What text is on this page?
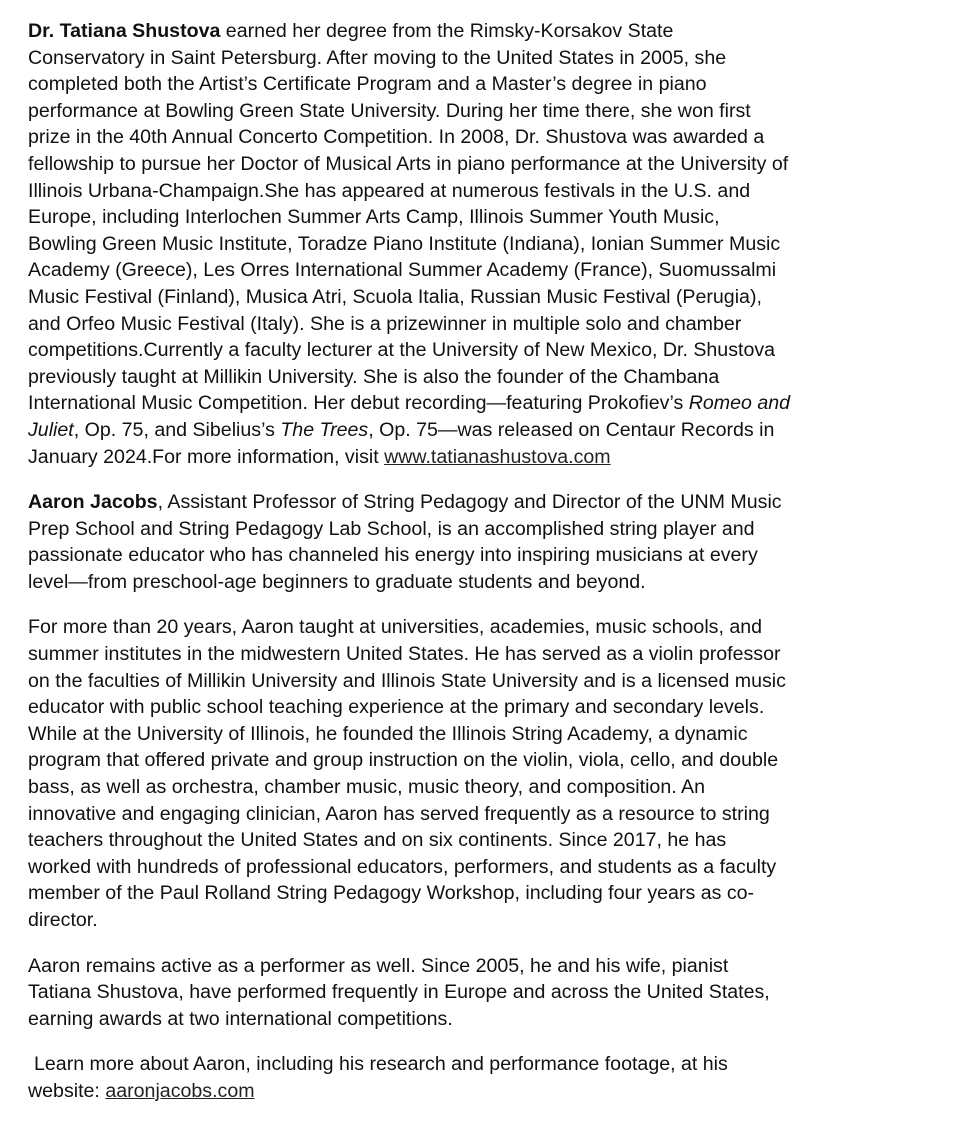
Dr. Tatiana Shustova earned her degree from the Rimsky-Korsakov State
Conservatory in Saint Petersburg. After moving to the United States in 2005, she
completed both the Artist’s Certificate Program and a Master’s degree in piano
performance at Bowling Green State University. During her time there, she won first
prize in the 40th Annual Concerto Competition. In 2008, Dr. Shustova was awarded a
fellowship to pursue her Doctor of Musical Arts in piano performance at the University of
Illinois Urbana-Champaign.She has appeared at numerous festivals in the U.S. and
Europe, including Interlochen Summer Arts Camp, Illinois Summer Youth Music,
Bowling Green Music Institute, Toradze Piano Institute (Indiana), Ionian Summer Music
Academy (Greece), Les Orres International Summer Academy (France), Suomussalmi
Music Festival (Finland), Musica Atri, Scuola Italia, Russian Music Festival (Perugia),
and Orfeo Music Festival (Italy). She is a prizewinner in multiple solo and chamber
competitions.Currently a faculty lecturer at the University of New Mexico, Dr. Shustova
previously taught at Millikin University. She is also the founder of the Chambana
International Music Competition. Her debut recording—featuring Prokofiev’s Romeo and
Juliet, Op. 75, and Sibelius’s The Trees, Op. 75—was released on Centaur Records in
January 2024.For more information, visit www.tatianashustova.com

Aaron Jacobs, Assistant Professor of String Pedagogy and Director of the UNM Music
Prep School and String Pedagogy Lab School, is an accomplished string player and
passionate educator who has channeled his energy into inspiring musicians at every
level—from preschool-age beginners to graduate students and beyond.

For more than 20 years, Aaron taught at universities, academies, music schools, and
summer institutes in the midwestern United States. He has served as a violin professor
on the faculties of Millikin University and Illinois State University and is a licensed music
educator with public school teaching experience at the primary and secondary levels.
While at the University of Illinois, he founded the Illinois String Academy, a dynamic
program that offered private and group instruction on the violin, viola, cello, and double
bass, as well as orchestra, chamber music, music theory, and composition. An
innovative and engaging clinician, Aaron has served frequently as a resource to string
teachers throughout the United States and on six continents. Since 2017, he has
worked with hundreds of professional educators, performers, and students as a faculty
member of the Paul Rolland String Pedagogy Workshop, including four years as co-
director.

Aaron remains active as a performer as well. Since 2005, he and his wife, pianist
Tatiana Shustova, have performed frequently in Europe and across the United States,
earning awards at two international competitions.

Learn more about Aaron, including his research and performance footage, at his
website: aaronjacobs.com
